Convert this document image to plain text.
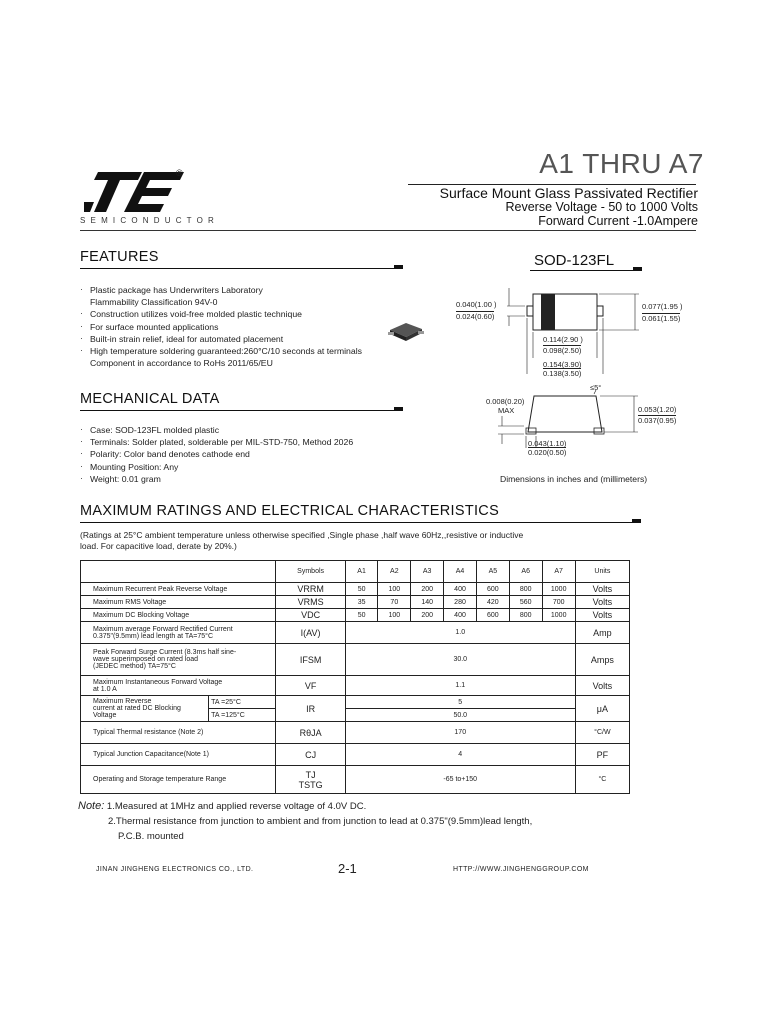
®
SEMICONDUCTOR
A1 THRU A7
Surface Mount Glass Passivated Rectifier
Reverse Voltage - 50 to 1000 Volts
Forward Current -1.0Ampere
FEATURES
· Plastic package has Underwriters Laboratory
Flammability Classification 94V-0
· Construction utilizes void-free molded plastic technique
· For surface mounted applications
· Built-in strain relief, ideal for automated placement
· High temperature soldering guaranteed:260°C/10 seconds at terminals
Component in accordance to RoHs 2011/65/EU
SOD-123FL
0.040(1.00 )
0.024(0.60)
0.077(1.95 )
0.061(1.55)
0.114(2.90 )
0.098(2.50)
0.154(3.90)
0.138(3.50)
≤5°
0.008(0.20)
MAX	0.053(1.20)
0.037(0.95)
0.043(1.10)
0.020(0.50)
Dimensions in inches and (millimeters)
MECHANICAL DATA
· Case: SOD-123FL molded plastic
· Terminals: Solder plated, solderable per MIL-STD-750, Method 2026
· Polarity: Color band denotes cathode end
· Mounting Position: Any
· Weight: 0.01 gram
MAXIMUM RATINGS AND ELECTRICAL CHARACTERISTICS
(Ratings at 25°C ambient temperature unless otherwise specified ,Single phase ,half wave 60Hz,,resistive or inductive
load. For capacitive load, derate by 20%.)
		Symbols	A1	A2	A3	A4	A5	A6	A7	Units
Maximum Recurrent Peak Reverse Voltage		VRRM	50	100	200	400	600	800	1000	Volts
Maximum RMS Voltage		VRMS	35	70	140	280	420	560	700	Volts
Maximum DC Blocking Voltage		VDC	50	100	200	400	600	800	1000	Volts

Maximum average Forward Rectified Current
0.375"(9.5mm) lead length at TA=75°C		I(AV)	1.0							Amp

Peak Forward Surge Current (8.3ms half sine-
wave superimposed on rated load
(JEDEC method) TA=75°C		IFSM	30.0							Amps

Maximum Instantaneous Forward Voltage
at 1.0 A		VF	1.1							Volts

Maximum Reverse
current at rated DC Blocking
Voltage	TA =25°C	IR	5							μA
	TA =125°C		50.0							
Typical Thermal resistance (Note 2)		RθJA	170							°C/W
Typical Junction Capacitance(Note 1)		CJ	4							PF
Operating and Storage temperature Range		TJ
TSTG	-65 to+150							°C
Note: 1.Measured at 1MHz and applied reverse voltage of 4.0V DC.
2.Thermal resistance from junction to ambient and from junction to lead at 0.375"(9.5mm)lead length,
P.C.B. mounted
JINAN JINGHENG ELECTRONICS CO., LTD.	2-1	HTTP://WWW.JINGHENGGROUP.COM
